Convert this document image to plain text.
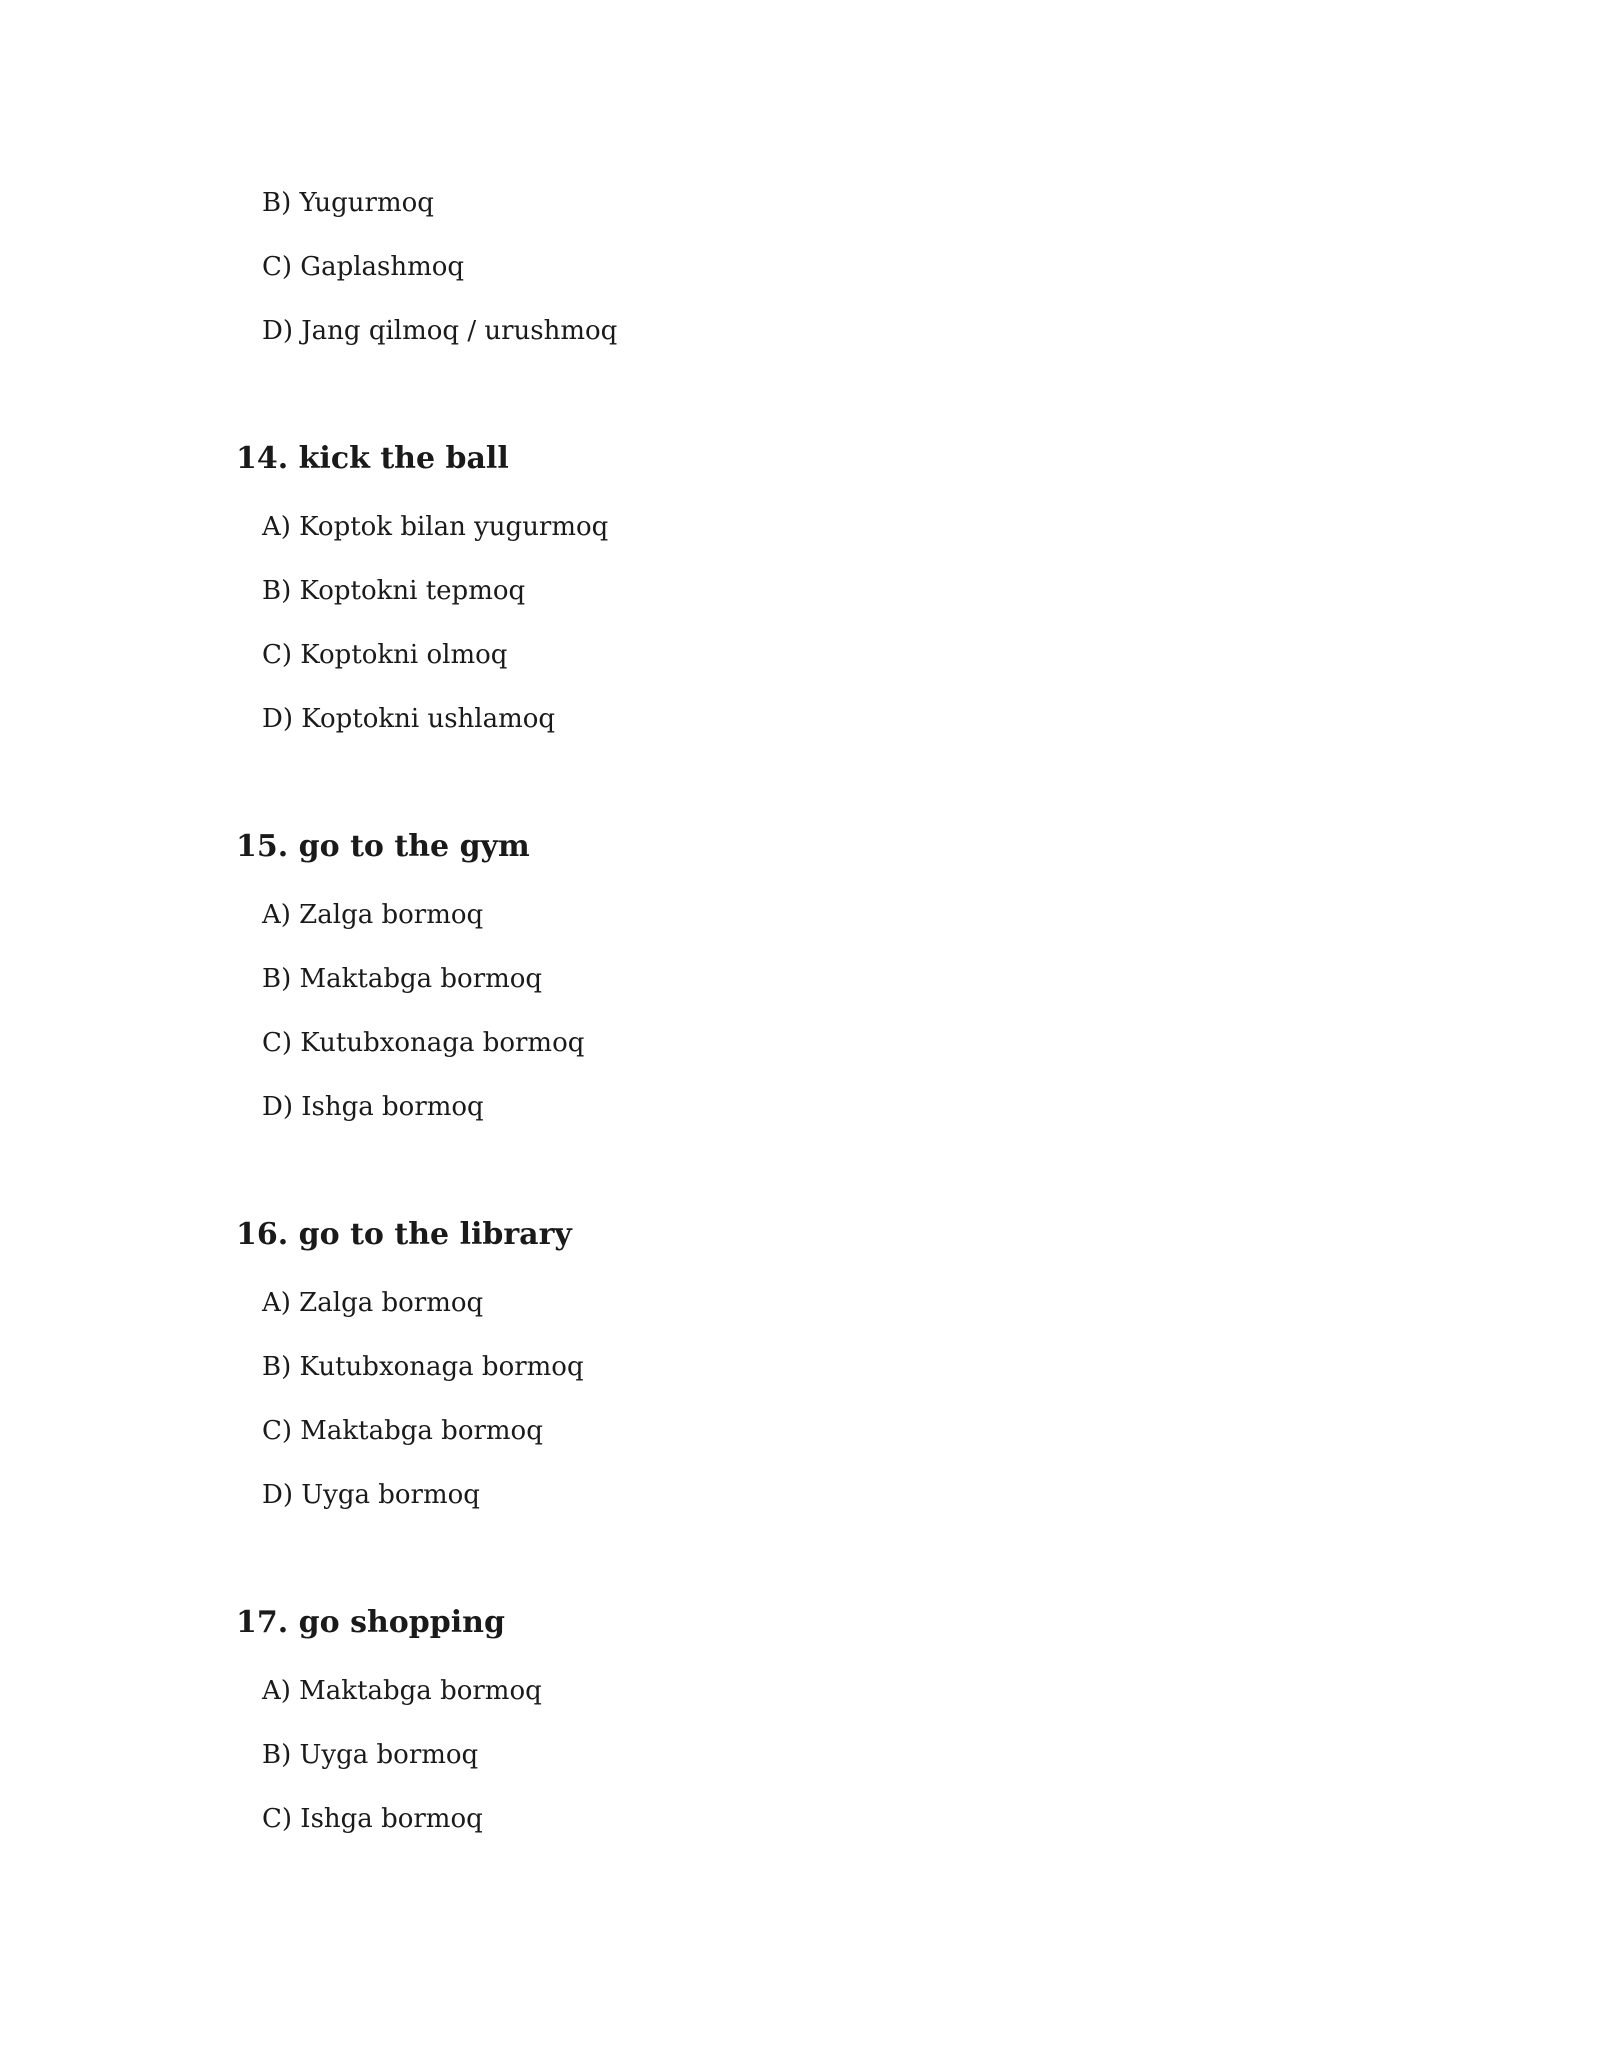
B) Yugurmoq
C) Gaplashmoq
D) Jang qilmoq / urushmoq
14. kick the ball
A) Koptok bilan yugurmoq
B) Koptokni tepmoq
C) Koptokni olmoq
D) Koptokni ushlamoq
15. go to the gym
A) Zalga bormoq
B) Maktabga bormoq
C) Kutubxonaga bormoq
D) Ishga bormoq
16. go to the library
A) Zalga bormoq
B) Kutubxonaga bormoq
C) Maktabga bormoq
D) Uyga bormoq
17. go shopping
A) Maktabga bormoq
B) Uyga bormoq
C) Ishga bormoq
